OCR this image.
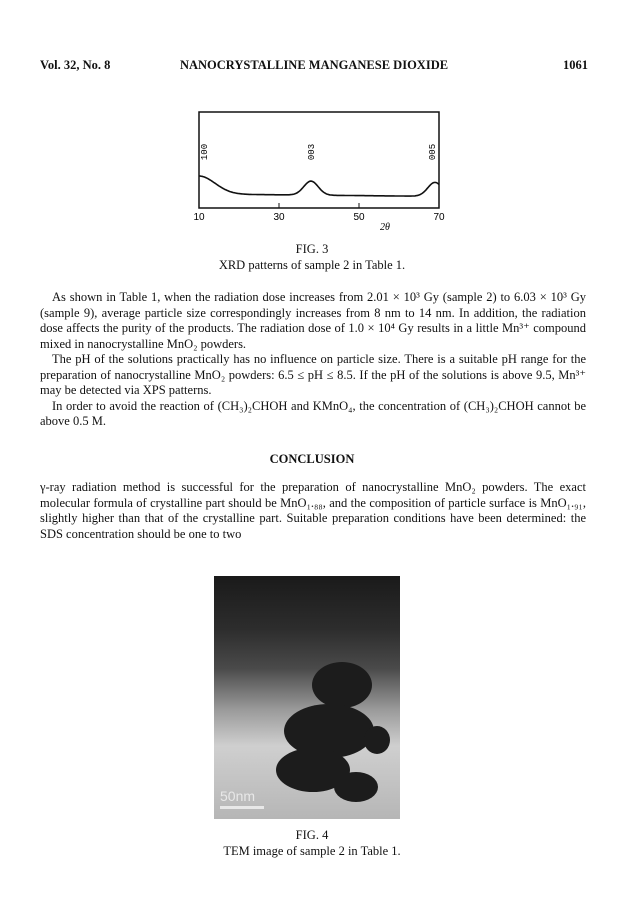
Vol. 32, No. 8	NANOCRYSTALLINE MANGANESE DIOXIDE	1061
100	003	005
10	30	50	70
2θ
FIG. 3
XRD patterns of sample 2 in Table 1.

As shown in Table 1, when the radiation dose increases from 2.01 × 10³ Gy (sample 2) to 6.03 × 10³ Gy (sample 9), average particle size correspondingly increases from 8 nm to 14 nm. In addition, the radiation dose affects the purity of the products. The radiation dose of 1.0 × 10⁴ Gy results in a little Mn³⁺ compound mixed in nanocrystalline MnO₂ powders.

The pH of the solutions practically has no influence on particle size. There is a suitable pH range for the preparation of nanocrystalline MnO₂ powders: 6.5 ≤ pH ≤ 8.5. If the pH of the solutions is above 9.5, Mn³⁺ may be detected via XPS patterns.

In order to avoid the reaction of (CH₃)₂CHOH and KMnO₄, the concentration of (CH₃)₂CHOH cannot be above 0.5 M.

CONCLUSION

γ-ray radiation method is successful for the preparation of nanocrystalline MnO₂ powders. The exact molecular formula of crystalline part should be MnO₁.₈₈, and the composition of particle surface is MnO₁.₉₁, slightly higher than that of the crystalline part. Suitable preparation conditions have been determined: the SDS concentration should be one to two

50nm
FIG. 4
TEM image of sample 2 in Table 1.
